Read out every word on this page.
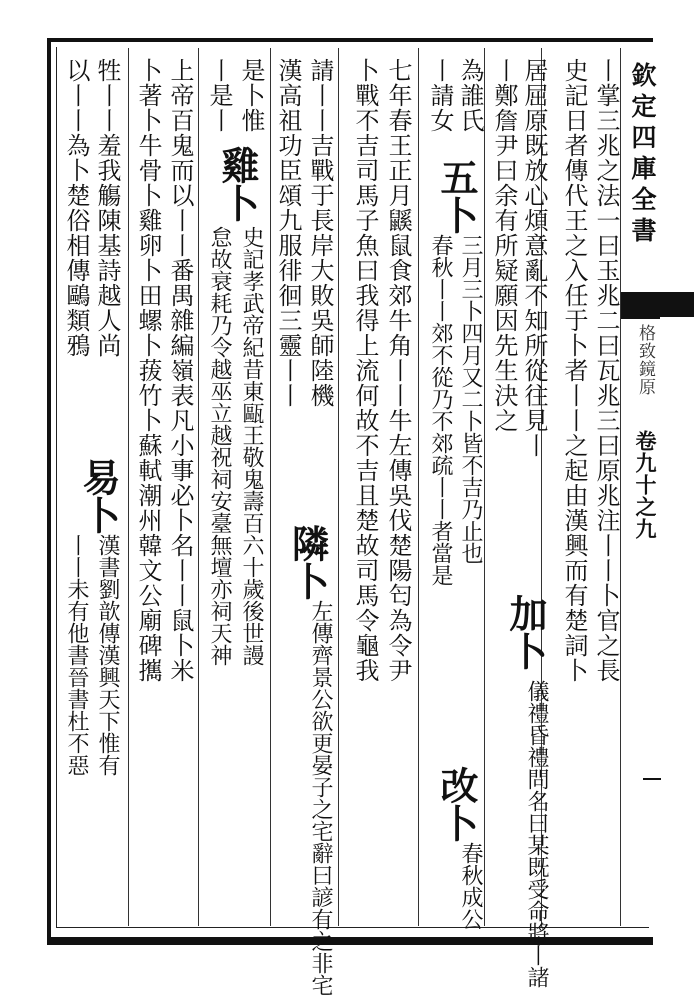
欽定四庫全書
格致鏡原
卷九十之九
丨掌三兆之法一曰玉兆二曰瓦兆三曰原兆注丨丨卜官之長
史記日者傳代王之入任于卜者丨丨之起由漢興而有楚詞卜
居屈原既放心煩意亂不知所從往見丨
丨鄭詹尹曰余有所疑願因先生決之
加卜
儀禮昏禮問名曰某既受命將丨諸
為誰氏
丨請女
五卜
三月三卜四月又二卜皆不吉乃止也
春秋丨丨郊不從乃不郊疏丨丨者當是
改卜
春秋成公
七年春王正月鼷鼠食郊牛角丨丨牛左傳吳伐楚陽匄為令尹
卜戰不吉司馬子魚曰我得上流何故不吉且楚故司馬令龜我
請丨丨吉戰于長岸大敗吳師陸機
漢高祖功臣頌九服徘徊三靈丨丨
隣卜
左傳齊景公欲更晏子之宅辭曰諺有之非宅
是卜惟
丨是丨
雞卜
史記孝武帝紀昔東甌王敬鬼壽百六十歲後世謾
怠故衰耗乃令越巫立越祝祠安臺無壇亦祠天神
上帝百鬼而以丨丨番禺雜編嶺表凡小事必卜名丨丨鼠卜米
卜著卜牛骨卜雞卵卜田螺卜菝竹卜蘇軾潮州韓文公廟碑𢹂
牲丨丨羞我觴陳基詩越人尚
以丨丨為卜楚俗相傳鷗類鴉
易卜
漢書劉歆傳漢興天下惟有
丨丨未有他書晉書杜不惡
